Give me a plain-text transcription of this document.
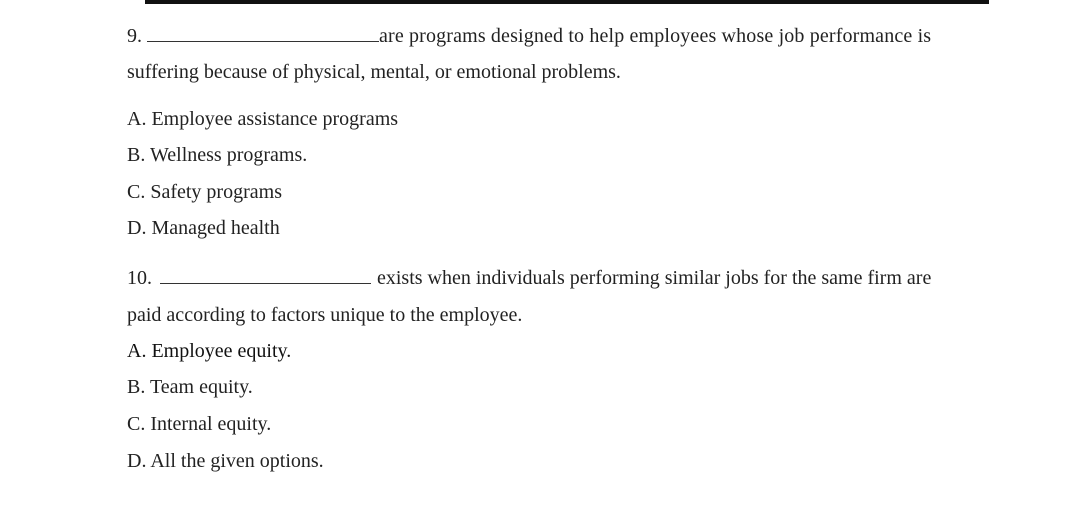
9.	are programs designed to help employees whose job performance is
suffering because of physical, mental, or emotional problems.
A. Employee assistance programs
B. Wellness programs.
C. Safety programs
D. Managed health
10.	exists when individuals performing similar jobs for the same firm are
paid according to factors unique to the employee.
A. Employee equity.
B. Team equity.
C. Internal equity.
D. All the given options.
